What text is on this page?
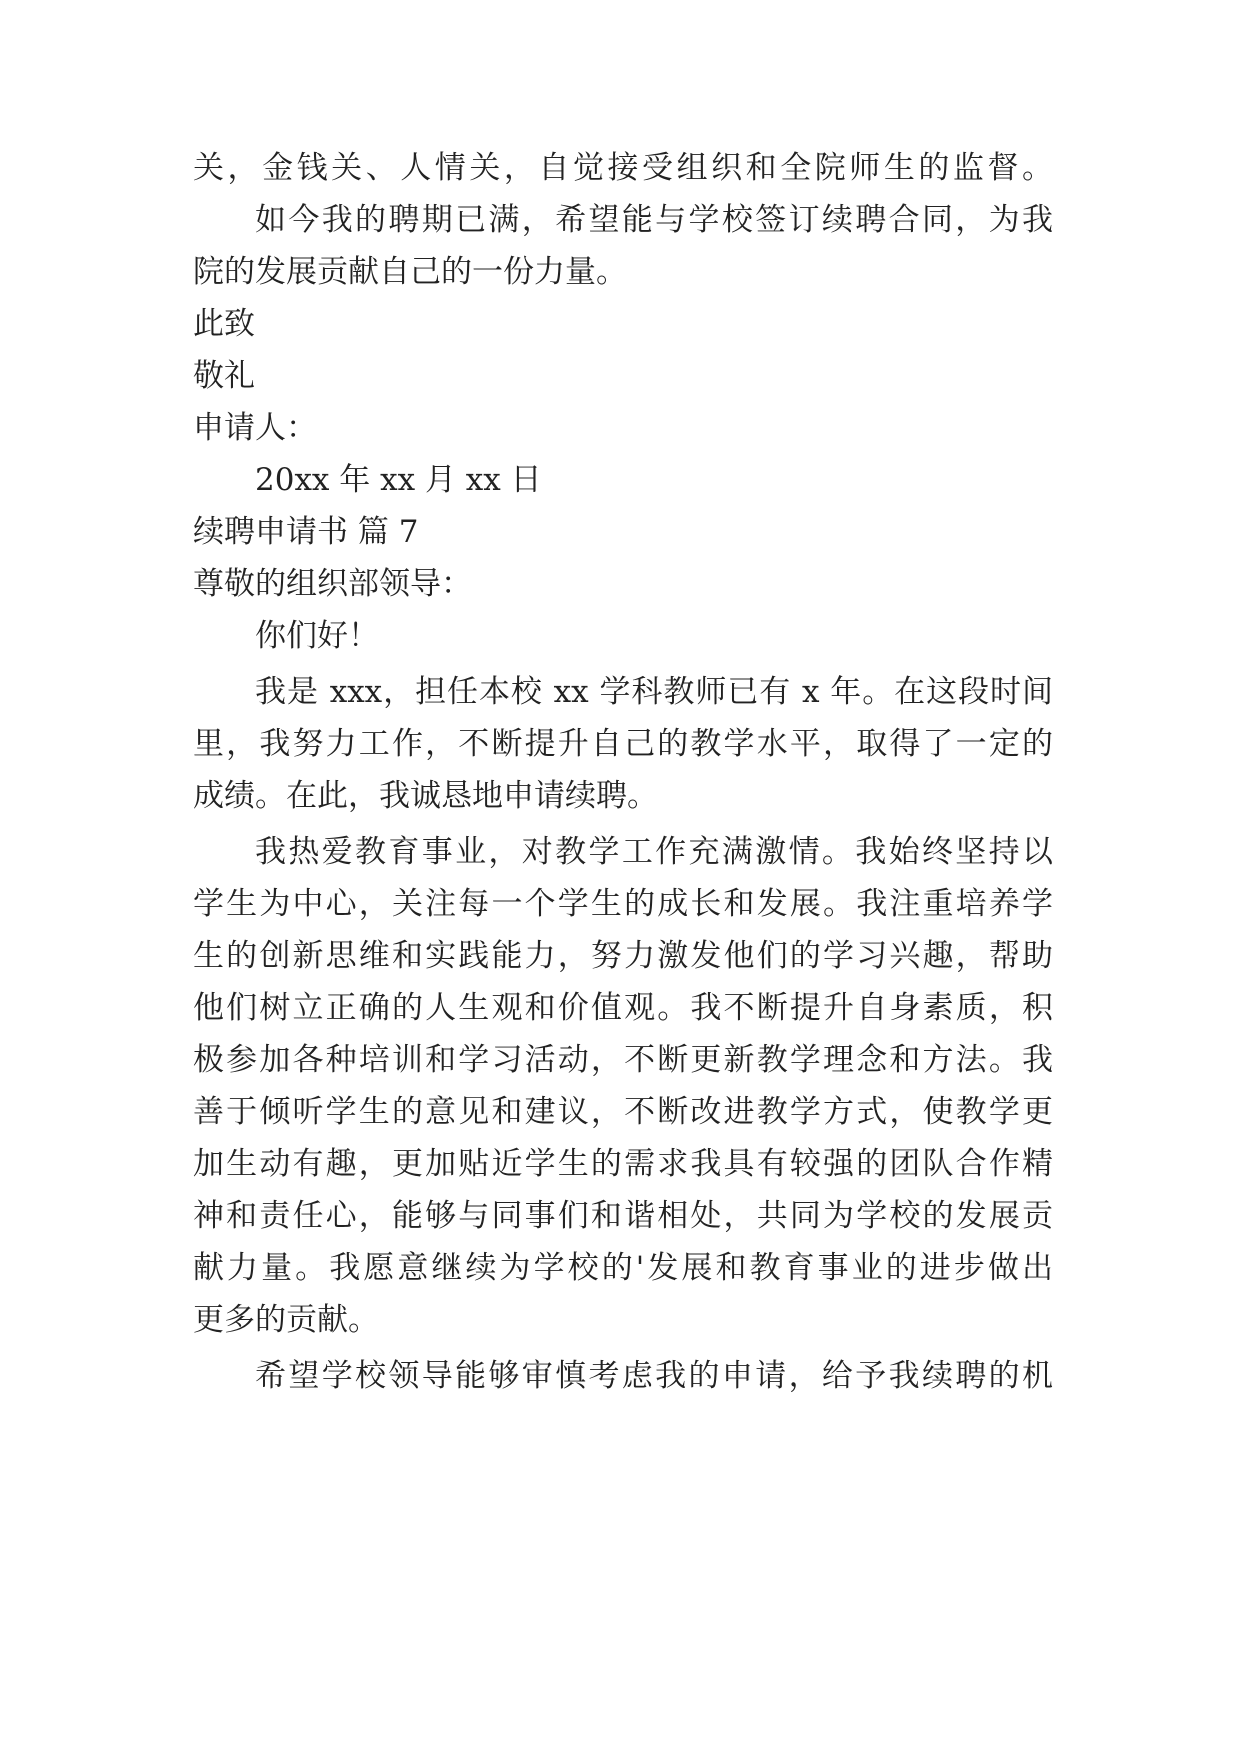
关，金钱关、人情关，自觉接受组织和全院师生的监督。
如今我的聘期已满，希望能与学校签订续聘合同，为我
院的发展贡献自己的一份力量。
此致
敬礼
申请人：
20xx 年 xx 月 xx 日
续聘申请书 篇 7
尊敬的组织部领导：
你们好！
我是 xxx，担任本校 xx 学科教师已有 x 年。在这段时间
里，我努力工作，不断提升自己的教学水平，取得了一定的
成绩。在此，我诚恳地申请续聘。
我热爱教育事业，对教学工作充满激情。我始终坚持以
学生为中心，关注每一个学生的成长和发展。我注重培养学
生的创新思维和实践能力，努力激发他们的学习兴趣，帮助
他们树立正确的人生观和价值观。我不断提升自身素质，积
极参加各种培训和学习活动，不断更新教学理念和方法。我
善于倾听学生的意见和建议，不断改进教学方式，使教学更
加生动有趣，更加贴近学生的需求我具有较强的团队合作精
神和责任心，能够与同事们和谐相处，共同为学校的发展贡
献力量。我愿意继续为学校的'发展和教育事业的进步做出
更多的贡献。
希望学校领导能够审慎考虑我的申请，给予我续聘的机
